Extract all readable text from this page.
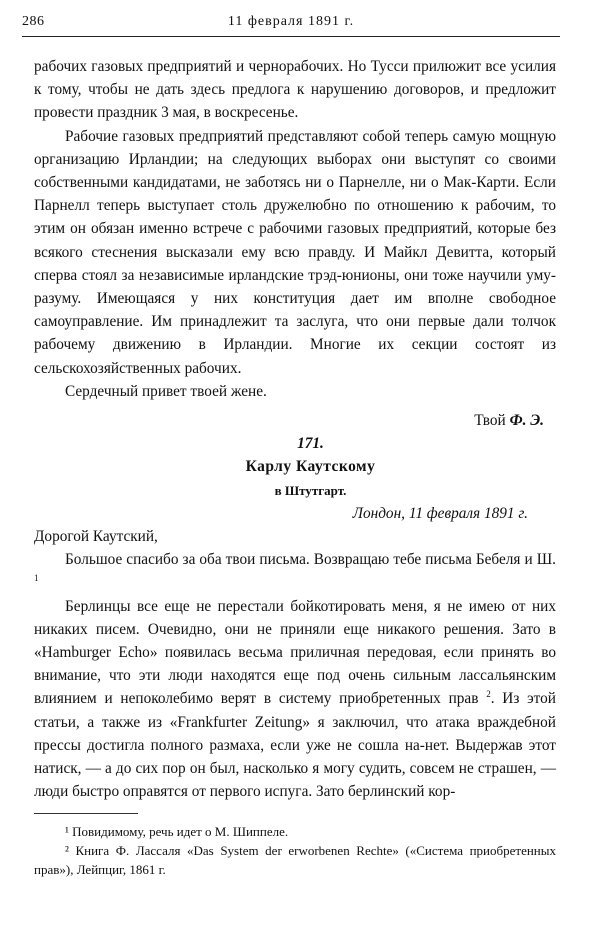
286	11 февраля 1891 г.

рабочих газовых предприятий и чернорабочих. Но Тусси прилюжит все усилия к тому, чтобы не дать здесь предлога к нарушению договоров, и предложит провести праздник 3 мая, в воскресенье.

Рабочие газовых предприятий представляют собой теперь самую мощную организацию Ирландии; на следующих выборах они выступят со своими собственными кандидатами, не заботясь ни о Парнелле, ни о Мак-Карти. Если Парнелл теперь выступает столь дружелюбно по отношению к рабочим, то этим он обязан именно встрече с рабочими газовых предприятий, которые без всякого стеснения высказали ему всю правду. И Майкл Девитта, который сперва стоял за независимые ирландские трэд-юнионы, они тоже научили уму-разуму. Имеющаяся у них конституция дает им вполне свободное самоуправление. Им принадлежит та заслуга, что они первые дали толчок рабочему движению в Ирландии. Многие их секции состоят из сельскохозяйственных рабочих.

Сердечный привет твоей жене.

Твой Ф. Э.

171.

Карлу Каутскому

в Штутгарт.

Лондон, 11 февраля 1891 г.

Дорогой Каутский,

Большое спасибо за оба твои письма. Возвращаю тебе письма Бебеля и Ш. $^1$

Берлинцы все еще не перестали бойкотировать меня, я не имею от них никаких писем. Очевидно, они не приняли еще никакого решения. Зато в «Hamburger Echo» появилась весьма приличная передовая, если принять во внимание, что эти люди находятся еще под очень сильным лассальянским влиянием и непоколебимо верят в систему приобретенных прав $^2$. Из этой статьи, а также из «Frankfurter Zeitung» я заключил, что атака враждебной прессы достигла полного размаха, если уже не сошла на-нет. Выдержав этот натиск, — а до сих пор он был, насколько я могу судить, совсем не страшен, — люди быстро оправятся от первого испуга. Зато берлинский кор-

¹ Повидимому, речь идет о М. Шиппеле.

² Книга Ф. Лассаля «Das System der erworbenen Rechte» («Система приобретенных прав»), Лейпциг, 1861 г.
